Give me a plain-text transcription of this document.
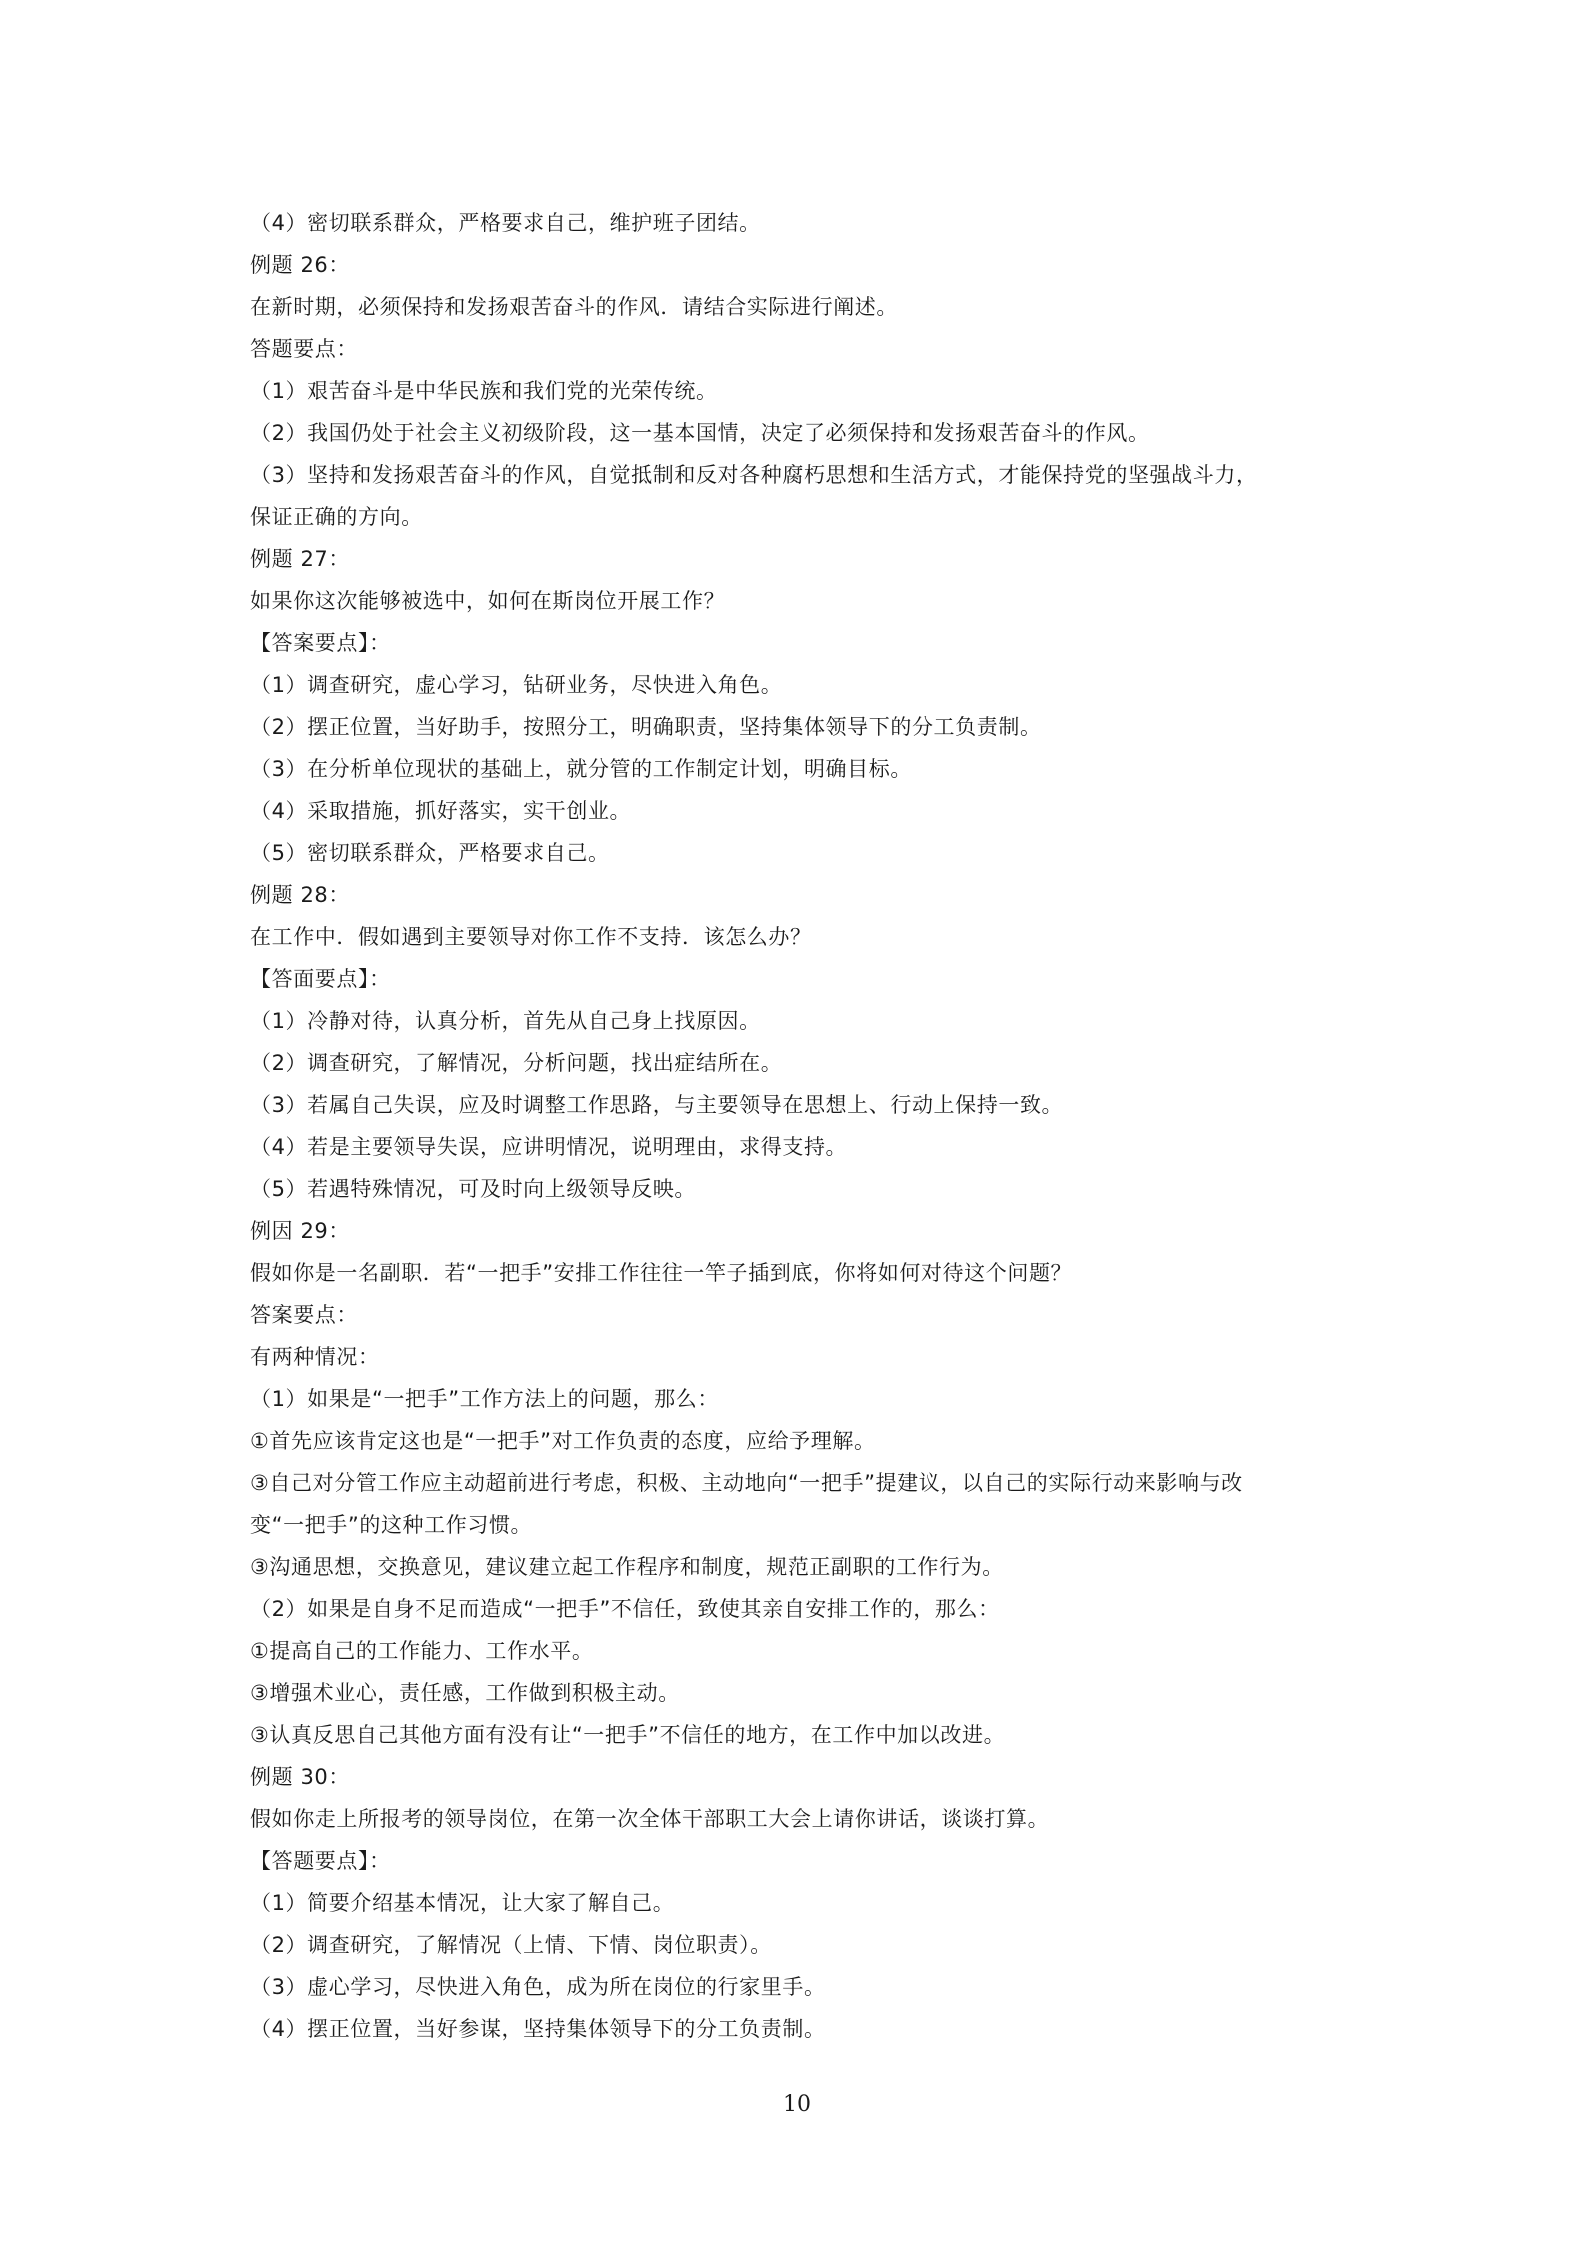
（4）密切联系群众，严格要求自己，维护班子团结。
例题 26：
在新时期，必须保持和发扬艰苦奋斗的作风．请结合实际进行阐述。
答题要点：
（1）艰苦奋斗是中华民族和我们党的光荣传统。
（2）我国仍处于社会主义初级阶段，这一基本国情，决定了必须保持和发扬艰苦奋斗的作风。
（3）坚持和发扬艰苦奋斗的作风，自觉抵制和反对各种腐朽思想和生活方式，才能保持党的坚强战斗力，
保证正确的方向。
例题 27：
如果你这次能够被选中，如何在斯岗位开展工作？
【答案要点】：
（1）调查研究，虚心学习，钻研业务，尽快进入角色。
（2）摆正位置，当好助手，按照分工，明确职责，坚持集体领导下的分工负责制。
（3）在分析单位现状的基础上，就分管的工作制定计划，明确目标。
（4）采取措施，抓好落实，实干创业。
（5）密切联系群众，严格要求自己。
例题 28：
在工作中．假如遇到主要领导对你工作不支持．该怎么办？
【答面要点】：
（1）冷静对待，认真分析，首先从自己身上找原因。
（2）调查研究，了解情况，分析问题，找出症结所在。
（3）若属自己失误，应及时调整工作思路，与主要领导在思想上、行动上保持一致。
（4）若是主要领导失误，应讲明情况，说明理由，求得支持。
（5）若遇特殊情况，可及时向上级领导反映。
例因 29：
假如你是一名副职．若“一把手”安排工作往往一竿子插到底，你将如何对待这个问题？
答案要点：
有两种情况：
（1）如果是“一把手”工作方法上的问题，那么：
①首先应该肯定这也是“一把手”对工作负责的态度，应给予理解。
③自己对分管工作应主动超前进行考虑，积极、主动地向“一把手”提建议，以自己的实际行动来影响与改
变“一把手”的这种工作习惯。
③沟通思想，交换意见，建议建立起工作程序和制度，规范正副职的工作行为。
（2）如果是自身不足而造成“一把手”不信任，致使其亲自安排工作的，那么：
①提高自己的工作能力、工作水平。
③增强术业心，责任感，工作做到积极主动。
③认真反思自己其他方面有没有让“一把手”不信任的地方，在工作中加以改进。
例题 30：
假如你走上所报考的领导岗位，在第一次全体干部职工大会上请你讲话，谈谈打算。
【答题要点】：
（1）简要介绍基本情况，让大家了解自己。
（2）调查研究，了解情况（上情、下情、岗位职责）。
（3）虚心学习，尽快进入角色，成为所在岗位的行家里手。
（4）摆正位置，当好参谋，坚持集体领导下的分工负责制。
10
